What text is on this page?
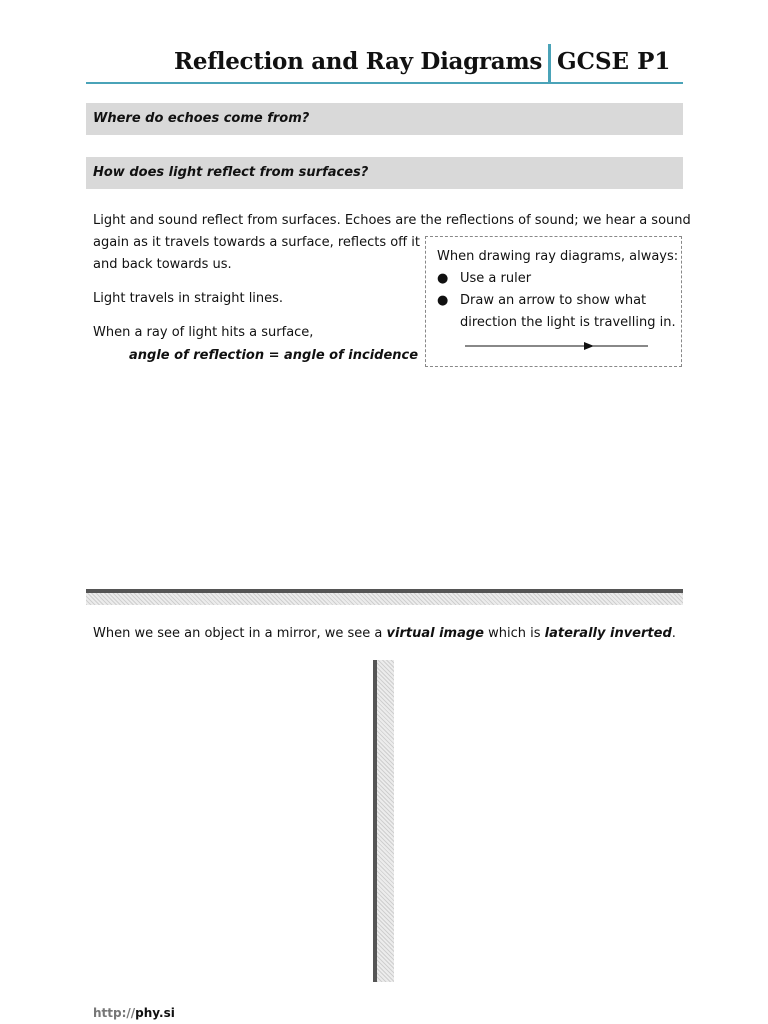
Reflection and Ray Diagrams GCSE P1
Where do echoes come from?
How does light reflect from surfaces?
Light and sound reflect from surfaces. Echoes are the reflections of sound; we hear a sound
again as it travels towards a surface, reflects off it
and back towards us.
Light travels in straight lines.
When a ray of light hits a surface,
angle of reflection = angle of incidence
When drawing ray diagrams, always:
● Use a ruler
● Draw an arrow to show what
direction the light is travelling in.
When we see an object in a mirror, we see a virtual image which is laterally inverted.
http://phy.si
